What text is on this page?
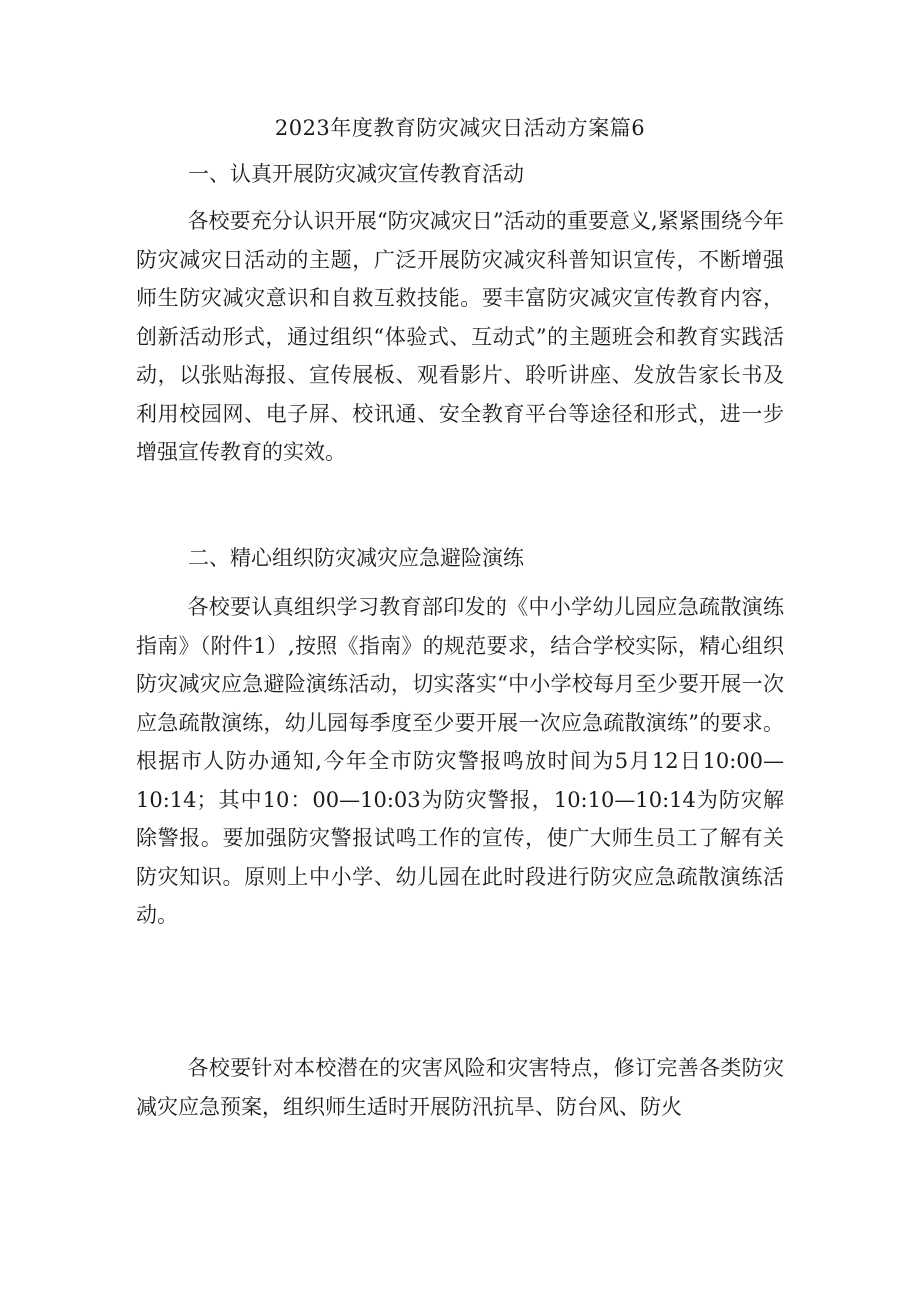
2023年度教育防灾减灾日活动方案篇6
一、认真开展防灾减灾宣传教育活动

各校要充分认识开展“防灾减灾日”活动的重要意义,紧紧围绕今年防灾减灾日活动的主题，广泛开展防灾减灾科普知识宣传，不断增强师生防灾减灾意识和自救互救技能。要丰富防灾减灾宣传教育内容，创新活动形式，通过组织“体验式、互动式”的主题班会和教育实践活动，以张贴海报、宣传展板、观看影片、聆听讲座、发放告家长书及利用校园网、电子屏、校讯通、安全教育平台等途径和形式，进一步增强宣传教育的实效。

二、精心组织防灾减灾应急避险演练

各校要认真组织学习教育部印发的《中小学幼儿园应急疏散演练指南》（附件1）,按照《指南》的规范要求，结合学校实际，精心组织防灾减灾应急避险演练活动，切实落实“中小学校每月至少要开展一次应急疏散演练，幼儿园每季度至少要开展一次应急疏散演练”的要求。根据市人防办通知,今年全市防灾警报鸣放时间为5月12日10:00—10:14；其中10：00—10:03为防灾警报，10:10—10:14为防灾解除警报。要加强防灾警报试鸣工作的宣传，使广大师生员工了解有关防灾知识。原则上中小学、幼儿园在此时段进行防灾应急疏散演练活动。

各校要针对本校潜在的灾害风险和灾害特点，修订完善各类防灾减灾应急预案，组织师生适时开展防汛抗旱、防台风、防火
